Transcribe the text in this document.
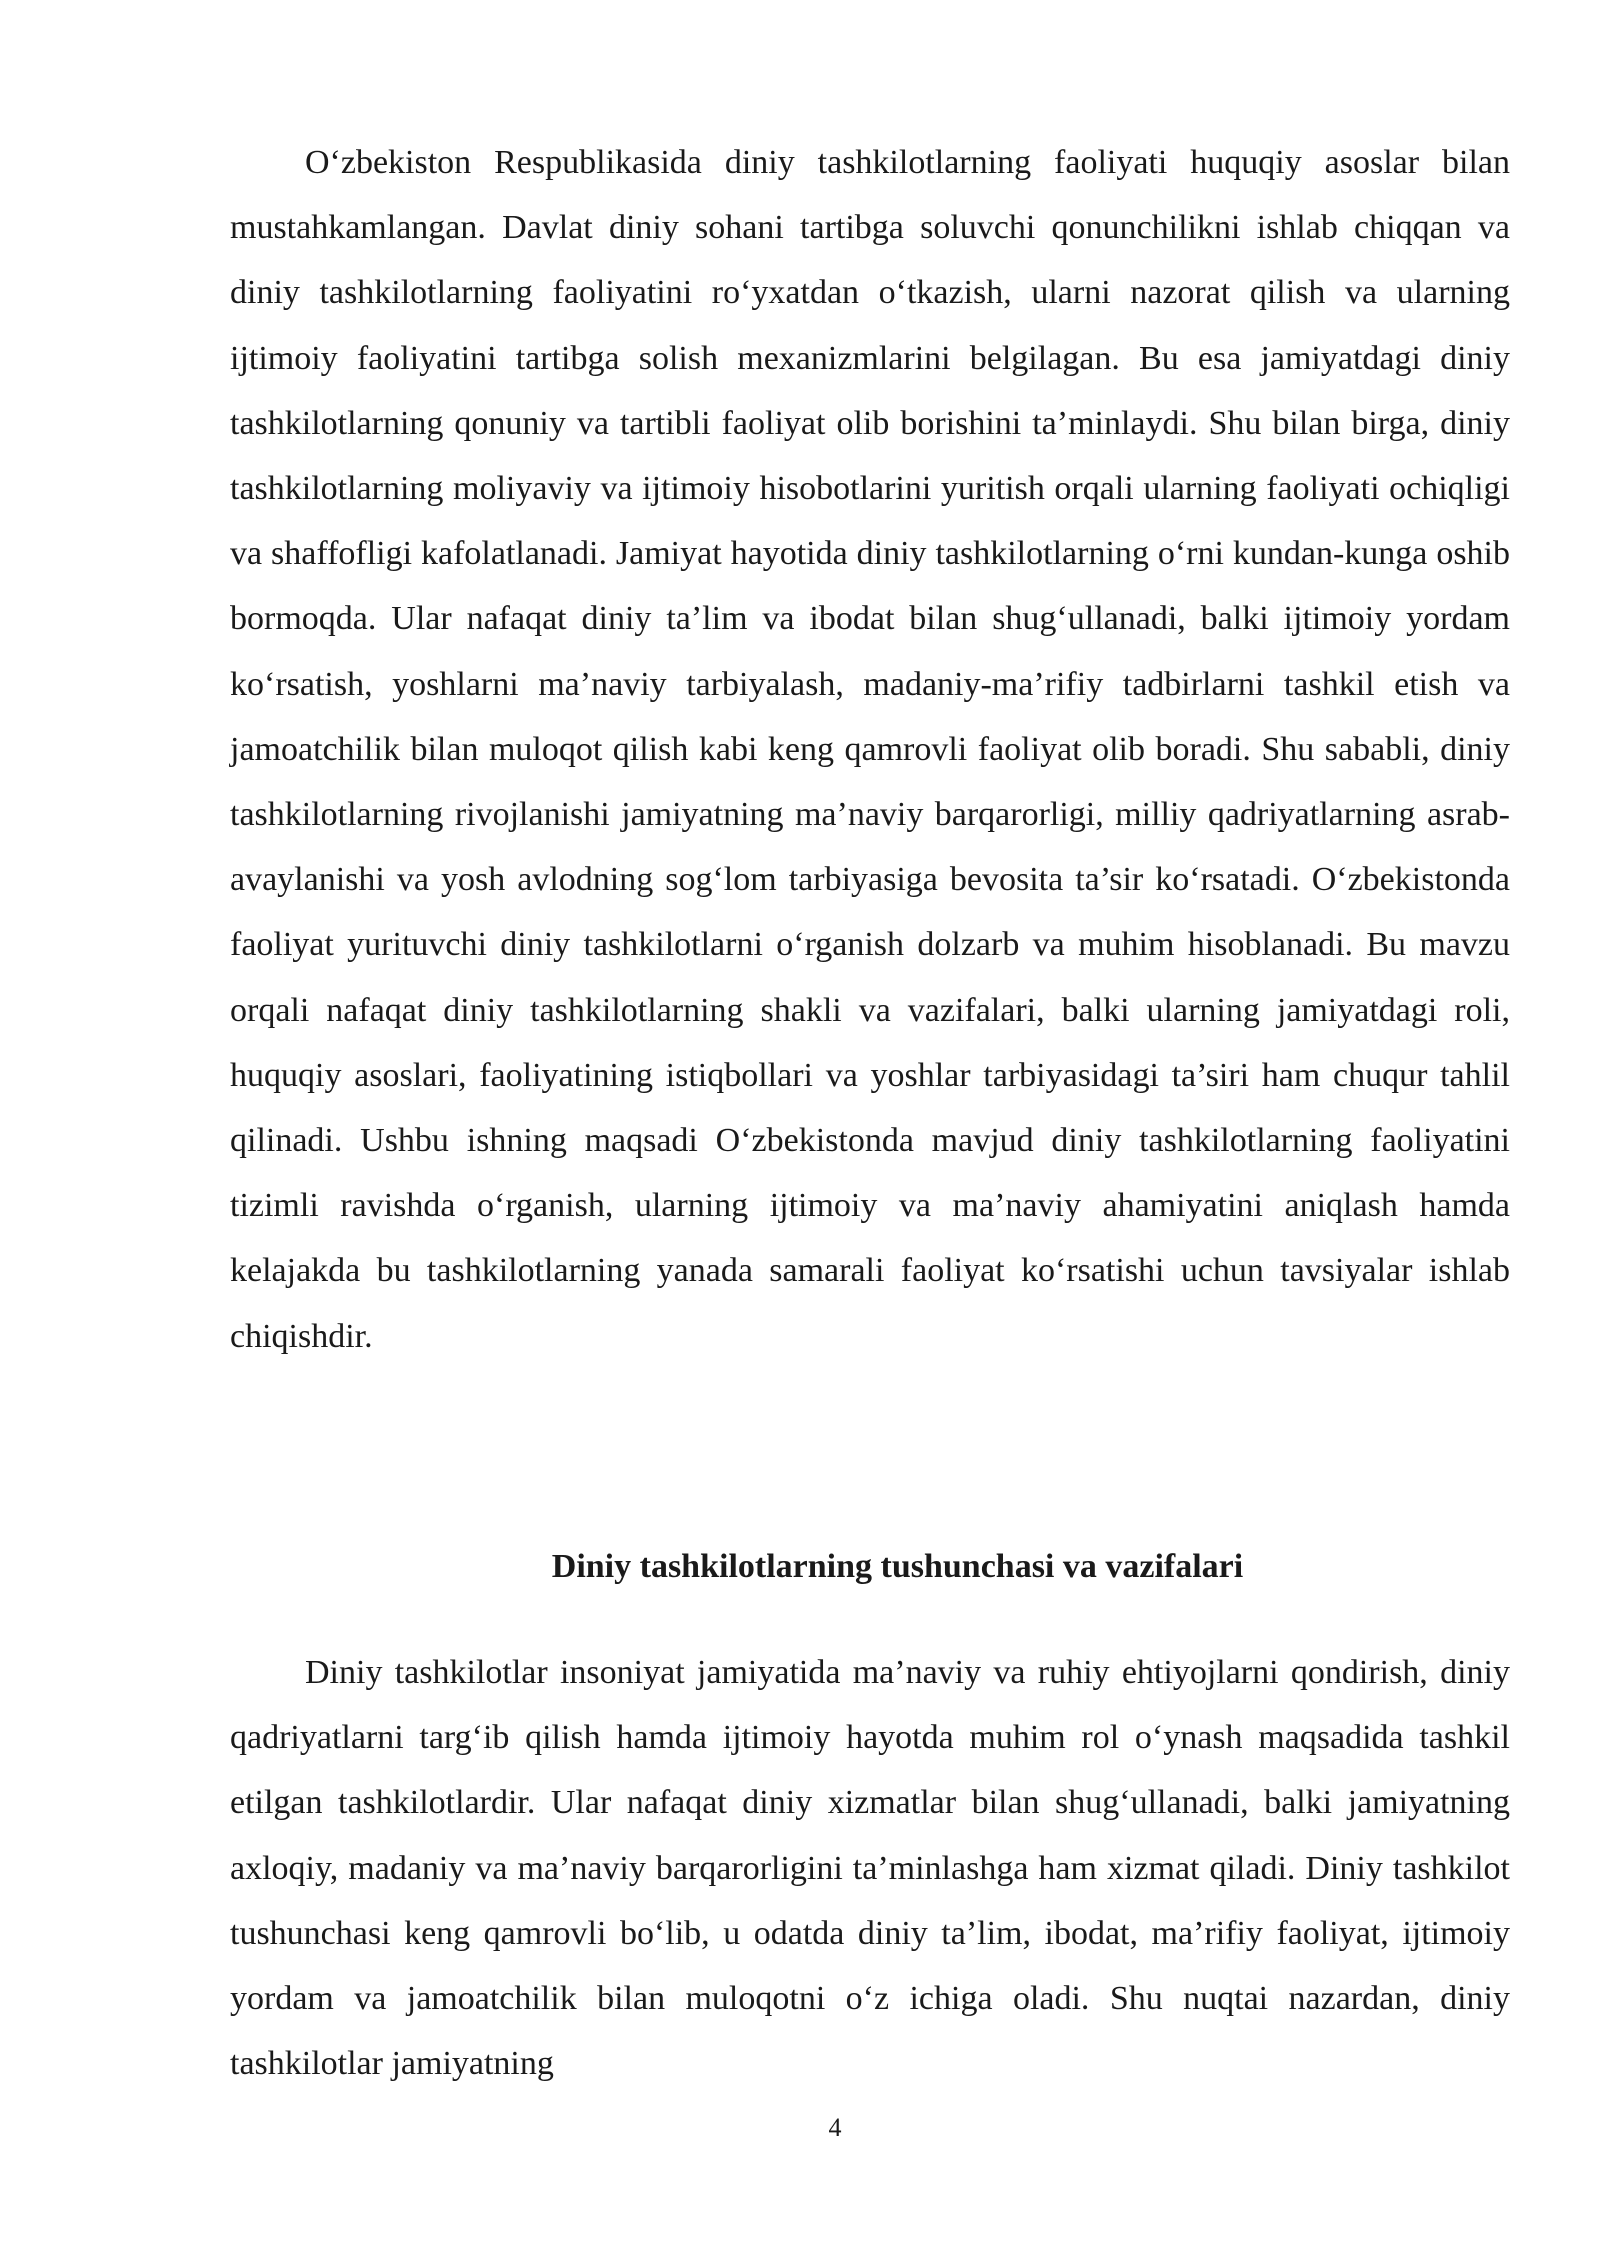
O‘zbekiston Respublikasida diniy tashkilotlarning faoliyati huquqiy asoslar bilan mustahkamlangan. Davlat diniy sohani tartibga soluvchi qonunchilikni ishlab chiqqan va diniy tashkilotlarning faoliyatini ro‘yxatdan o‘tkazish, ularni nazorat qilish va ularning ijtimoiy faoliyatini tartibga solish mexanizmlarini belgilagan. Bu esa jamiyatdagi diniy tashkilotlarning qonuniy va tartibli faoliyat olib borishini ta’minlaydi. Shu bilan birga, diniy tashkilotlarning moliyaviy va ijtimoiy hisobotlarini yuritish orqali ularning faoliyati ochiqligi va shaffofligi kafolatlanadi. Jamiyat hayotida diniy tashkilotlarning o‘rni kundan-kunga oshib bormoqda. Ular nafaqat diniy ta’lim va ibodat bilan shug‘ullanadi, balki ijtimoiy yordam ko‘rsatish, yoshlarni ma’naviy tarbiyalash, madaniy-ma’rifiy tadbirlarni tashkil etish va jamoatchilik bilan muloqot qilish kabi keng qamrovli faoliyat olib boradi. Shu sababli, diniy tashkilotlarning rivojlanishi jamiyatning ma’naviy barqarorligi, milliy qadriyatlarning asrab-avaylanishi va yosh avlodning sog‘lom tarbiyasiga bevosita ta’sir ko‘rsatadi. O‘zbekistonda faoliyat yurituvchi diniy tashkilotlarni o‘rganish dolzarb va muhim hisoblanadi. Bu mavzu orqali nafaqat diniy tashkilotlarning shakli va vazifalari, balki ularning jamiyatdagi roli, huquqiy asoslari, faoliyatining istiqbollari va yoshlar tarbiyasidagi ta’siri ham chuqur tahlil qilinadi. Ushbu ishning maqsadi O‘zbekistonda mavjud diniy tashkilotlarning faoliyatini tizimli ravishda o‘rganish, ularning ijtimoiy va ma’naviy ahamiyatini aniqlash hamda kelajakda bu tashkilotlarning yanada samarali faoliyat ko‘rsatishi uchun tavsiyalar ishlab chiqishdir.

Diniy tashkilotlarning tushunchasi va vazifalari

Diniy tashkilotlar insoniyat jamiyatida ma’naviy va ruhiy ehtiyojlarni qondirish, diniy qadriyatlarni targ‘ib qilish hamda ijtimoiy hayotda muhim rol o‘ynash maqsadida tashkil etilgan tashkilotlardir. Ular nafaqat diniy xizmatlar bilan shug‘ullanadi, balki jamiyatning axloqiy, madaniy va ma’naviy barqarorligini ta’minlashga ham xizmat qiladi. Diniy tashkilot tushunchasi keng qamrovli bo‘lib, u odatda diniy ta’lim, ibodat, ma’rifiy faoliyat, ijtimoiy yordam va jamoatchilik bilan muloqotni o‘z ichiga oladi. Shu nuqtai nazardan, diniy tashkilotlar jamiyatning

4
